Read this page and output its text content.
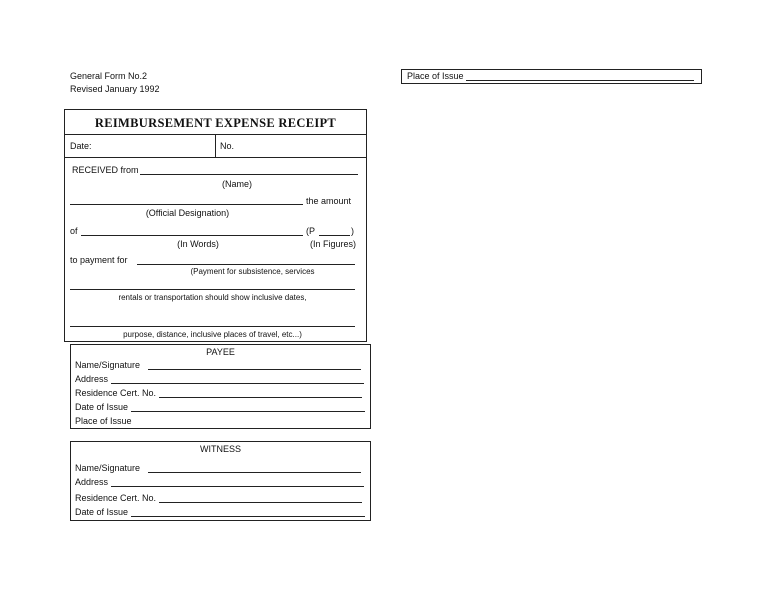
General Form No.2
Revised January 1992
Place of Issue
REIMBURSEMENT EXPENSE RECEIPT
Date:	No.
RECEIVED from
(Name)
the amount
(Official Designation)
of	(P	)
(In Words)	(In Figures)
to payment for
(Payment for subsistence, services
rentals or transportation should show inclusive dates,
purpose, distance, inclusive places of travel, etc...)
PAYEE
Name/Signature
Address
Residence Cert. No.
Date of Issue
Place of Issue
WITNESS
Name/Signature
Address
Residence Cert. No.
Date of Issue
